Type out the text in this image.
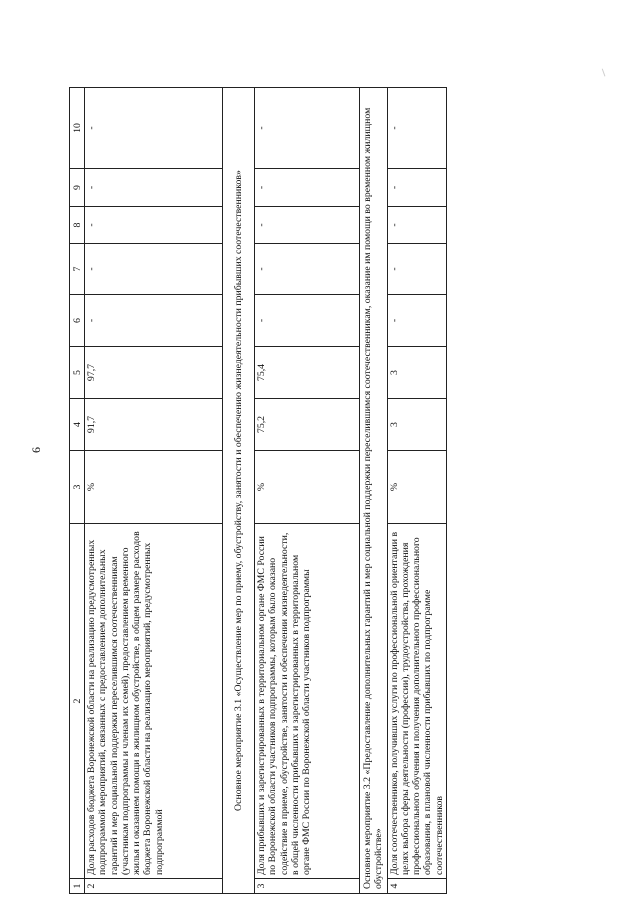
6
1	2	3	4	5	6	7	8	9	10
2	Доля расходов бюджета Воронежской области на реализацию предусмотренных подпрограммой мероприятий, связанных с предоставлением дополнительных гарантий и мер социальной поддержки переселившимся соотечественникам (участникам подпрограммы и членам их семей), предоставлением временного жилья и оказанием помощи в жилищном обустройстве, в общем размере расходов бюджета Воронежской области на реализацию мероприятий, предусмотренных подпрограммой	%	91,7	97,7	-	-	-	-	-
Основное мероприятие 3.1 «Осуществление мер по приему, обустройству, занятости и обеспечению жизнедеятельности прибывших соотечественников»									
3	Доля прибывших и зарегистрированных в территориальном органе ФМС России по Воронежской области участников подпрограммы, которым было оказано содействие в приеме, обустройстве, занятости и обеспечении жизнедеятельности, в общей численности прибывших и зарегистрированных в территориальном органе ФМС России по Воронежской области участников подпрограммы	%	75,2	75,4	-	-	-	-	-
Основное мероприятие 3.2 «Предоставление дополнительных гарантий и мер социальной поддержки переселившимся соотечественникам, оказание им помощи во временном жилищном обустройстве»									
4	Доля соотечественников, получивших услуги по профессиональной ориентации в целях выбора сферы деятельности (профессии), трудоустройства, прохождения профессионального обучения и получения дополнительного профессионального образования, в плановой численности прибывших по подпрограмме соотечественников	%	3	3	-	-	-	-	-
